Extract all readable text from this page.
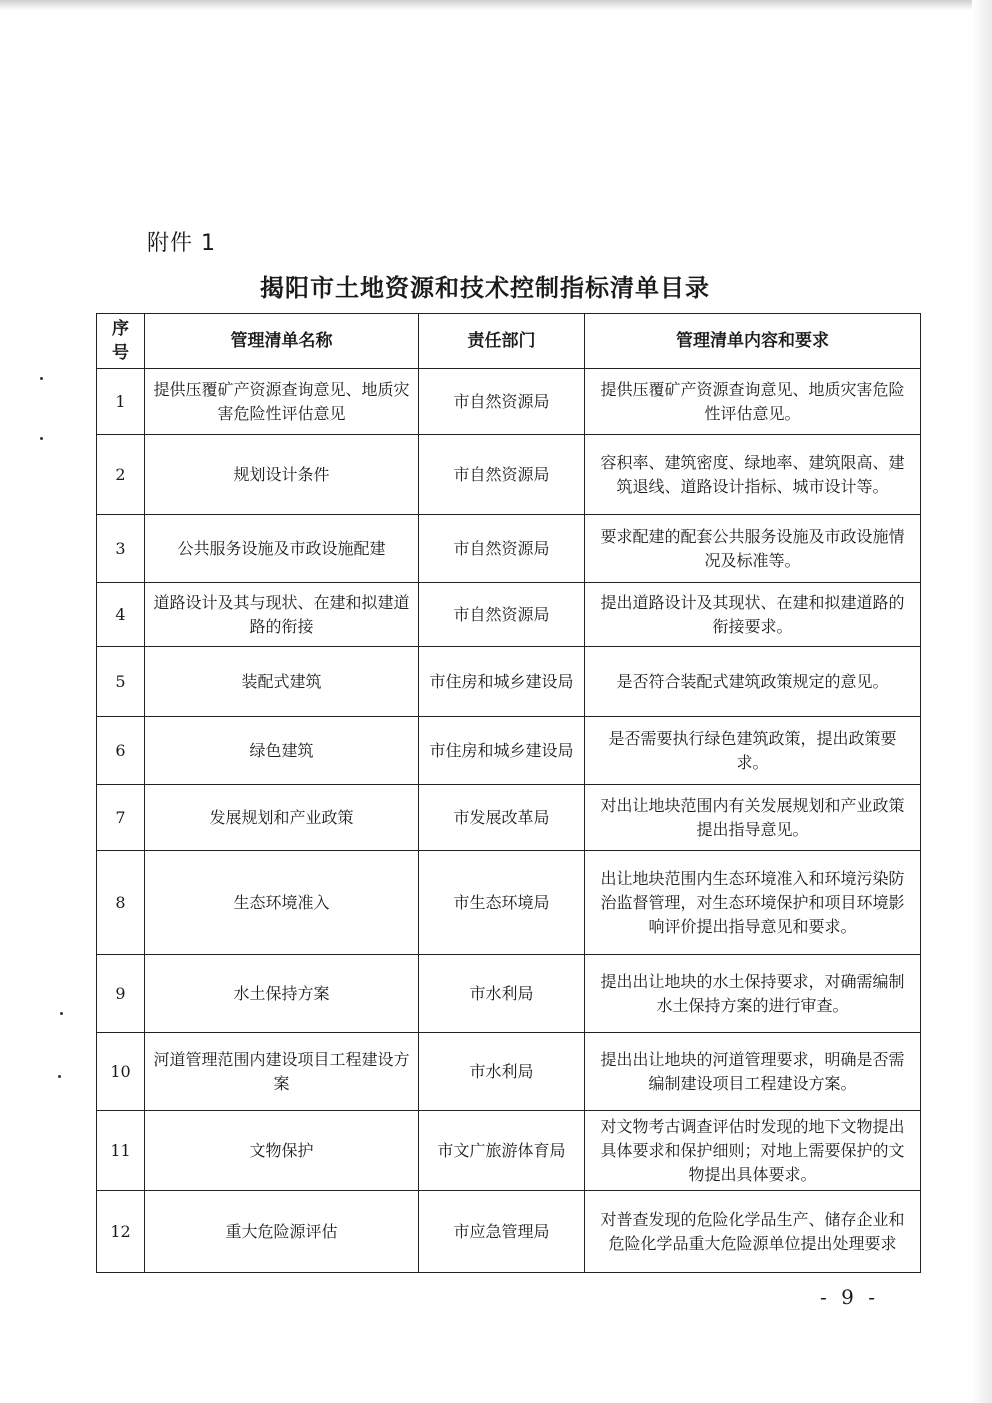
附件 1
揭阳市土地资源和技术控制指标清单目录
序号	管理清单名称	责任部门	管理清单内容和要求
1	提供压覆矿产资源查询意见、地质灾害危险性评估意见	市自然资源局	提供压覆矿产资源查询意见、地质灾害危险性评估意见。
2	规划设计条件	市自然资源局	容积率、建筑密度、绿地率、建筑限高、建筑退线、道路设计指标、城市设计等。
3	公共服务设施及市政设施配建	市自然资源局	要求配建的配套公共服务设施及市政设施情况及标准等。
4	道路设计及其与现状、在建和拟建道路的衔接	市自然资源局	提出道路设计及其现状、在建和拟建道路的衔接要求。
5	装配式建筑	市住房和城乡建设局	是否符合装配式建筑政策规定的意见。
6	绿色建筑	市住房和城乡建设局	是否需要执行绿色建筑政策，提出政策要求。
7	发展规划和产业政策	市发展改革局	对出让地块范围内有关发展规划和产业政策提出指导意见。
8	生态环境准入	市生态环境局	出让地块范围内生态环境准入和环境污染防治监督管理，对生态环境保护和项目环境影响评价提出指导意见和要求。
9	水土保持方案	市水利局	提出出让地块的水土保持要求，对确需编制水土保持方案的进行审查。
10	河道管理范围内建设项目工程建设方案	市水利局	提出出让地块的河道管理要求，明确是否需编制建设项目工程建设方案。
11	文物保护	市文广旅游体育局	对文物考古调查评估时发现的地下文物提出具体要求和保护细则；对地上需要保护的文物提出具体要求。
12	重大危险源评估	市应急管理局	对普查发现的危险化学品生产、储存企业和危险化学品重大危险源单位提出处理要求
- 9 -
